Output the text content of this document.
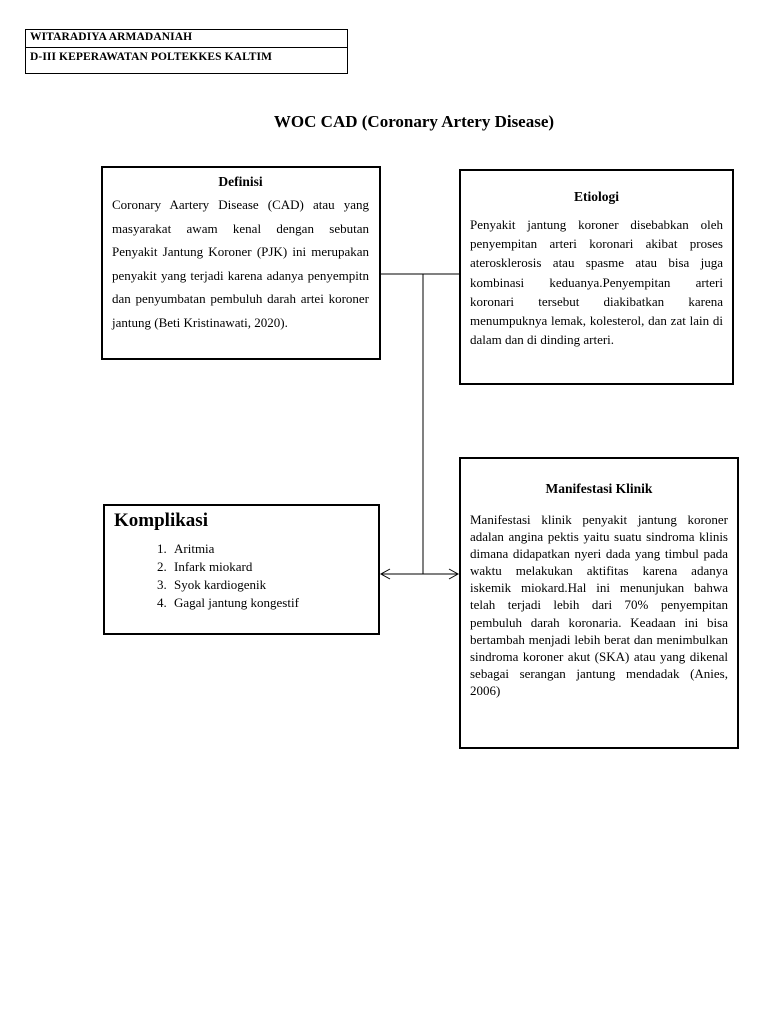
WITARADIYA ARMADANIAH
D-III KEPERAWATAN POLTEKKES KALTIM
WOC CAD (Coronary Artery Disease)
Definisi
Coronary Aartery Disease (CAD) atau yang masyarakat awam kenal dengan sebutan Penyakit Jantung Koroner (PJK) ini merupakan penyakit yang terjadi karena adanya penyempitn dan penyumbatan pembuluh darah artei koroner jantung (Beti Kristinawati, 2020).
Etiologi
Penyakit jantung koroner disebabkan oleh penyempitan arteri koronari akibat proses aterosklerosis atau spasme atau bisa juga kombinasi keduanya.Penyempitan arteri koronari tersebut diakibatkan karena menumpuknya lemak, kolesterol, dan zat lain di dalam dan di dinding arteri.
Manifestasi Klinik
Manifestasi klinik penyakit jantung koroner adalan angina pektis yaitu suatu sindroma klinis dimana didapatkan nyeri dada yang timbul pada waktu melakukan aktifitas karena adanya iskemik miokard.Hal ini menunjukan bahwa telah terjadi lebih dari 70% penyempitan pembuluh darah koronaria. Keadaan ini bisa bertambah menjadi lebih berat dan menimbulkan sindroma koroner akut (SKA) atau yang dikenal sebagai serangan jantung mendadak (Anies, 2006)
Komplikasi
1. Aritmia
2. Infark miokard
3. Syok kardiogenik
4. Gagal jantung kongestif
